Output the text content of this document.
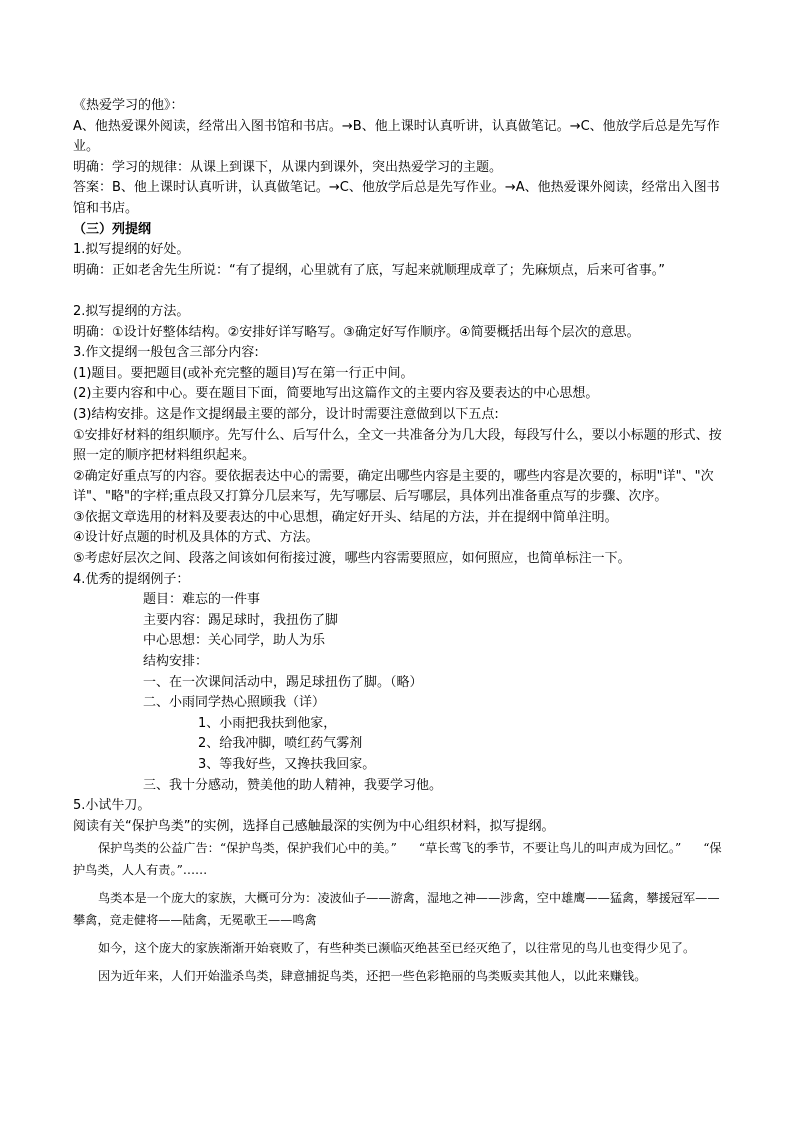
《热爱学习的他》：

A、他热爱课外阅读，经常出入图书馆和书店。→B、他上课时认真听讲，认真做笔记。→C、他放学后总是先写作业。

明确：学习的规律：从课上到课下，从课内到课外，突出热爱学习的主题。

答案：B、他上课时认真听讲，认真做笔记。→C、他放学后总是先写作业。→A、他热爱课外阅读，经常出入图书馆和书店。

（三）列提纲

1.拟写提纲的好处。

明确：正如老舍先生所说：“有了提纲，心里就有了底，写起来就顺理成章了；先麻烦点，后来可省事。”

2.拟写提纲的方法。

明确：①设计好整体结构。②安排好详写略写。③确定好写作顺序。④简要概括出每个层次的意思。

3.作文提纲一般包含三部分内容:

(1)题目。要把题目(或补充完整的题目)写在第一行正中间。

(2)主要内容和中心。要在题目下面，简要地写出这篇作文的主要内容及要表达的中心思想。

(3)结构安排。这是作文提纲最主要的部分，设计时需要注意做到以下五点:

①安排好材料的组织顺序。先写什么、后写什么，全文一共准备分为几大段，每段写什么，要以小标题的形式、按照一定的顺序把材料组织起来。

②确定好重点写的内容。要依据表达中心的需要，确定出哪些内容是主要的，哪些内容是次要的，标明"详"、"次详"、"略"的字样;重点段又打算分几层来写，先写哪层、后写哪层，具体列出准备重点写的步骤、次序。

③依据文章选用的材料及要表达的中心思想，确定好开头、结尾的方法，并在提纲中简单注明。

④设计好点题的时机及具体的方式、方法。

⑤考虑好层次之间、段落之间该如何衔接过渡，哪些内容需要照应，如何照应，也简单标注一下。

4.优秀的提纲例子：

题目：难忘的一件事

主要内容：踢足球时，我扭伤了脚

中心思想：关心同学，助人为乐

结构安排：

一、在一次课间活动中，踢足球扭伤了脚。（略）

二、小雨同学热心照顾我（详）

1、小雨把我扶到他家，

2、给我冲脚，喷红药气雾剂

3、等我好些，又搀扶我回家。

三、我十分感动，赞美他的助人精神，我要学习他。

5.小试牛刀。

阅读有关“保护鸟类”的实例，选择自己感触最深的实例为中心组织材料，拟写提纲。

保护鸟类的公益广告：“保护鸟类，保护我们心中的美。” “草长莺飞的季节，不要让鸟儿的叫声成为回忆。” “保护鸟类，人人有责。”……

鸟类本是一个庞大的家族，大概可分为：凌波仙子——游禽，湿地之神——涉禽，空中雄鹰——猛禽，攀援冠军——攀禽，竞走健将——陆禽，无冕歌王——鸣禽

如今，这个庞大的家族渐渐开始衰败了，有些种类已濒临灭绝甚至已经灭绝了，以往常见的鸟儿也变得少见了。

因为近年来，人们开始滥杀鸟类，肆意捕捉鸟类，还把一些色彩艳丽的鸟类贩卖其他人，以此来赚钱。
